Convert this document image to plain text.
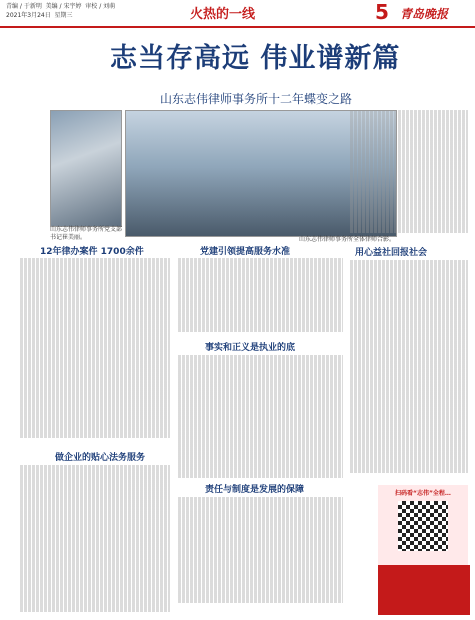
青编 / 于新明  美编 / 宋宇婷  审校 / 刘萌
2021年3月24日  星期三	火热的一线	5 青岛晚报
志当存高远 伟业谱新篇
山东志伟律师事务所十二年蝶变之路
山东志伟律师事务所党支部书记崔美丽。	山东志伟律师事务所全体律师合影。
12年律办案件 1700余件	党建引领提高服务水准
做企业的贴心法务服务
事实和正义是执业的底
责任与制度是发展的保障
用心益社回报社会
扫码看“志伟”全程…
